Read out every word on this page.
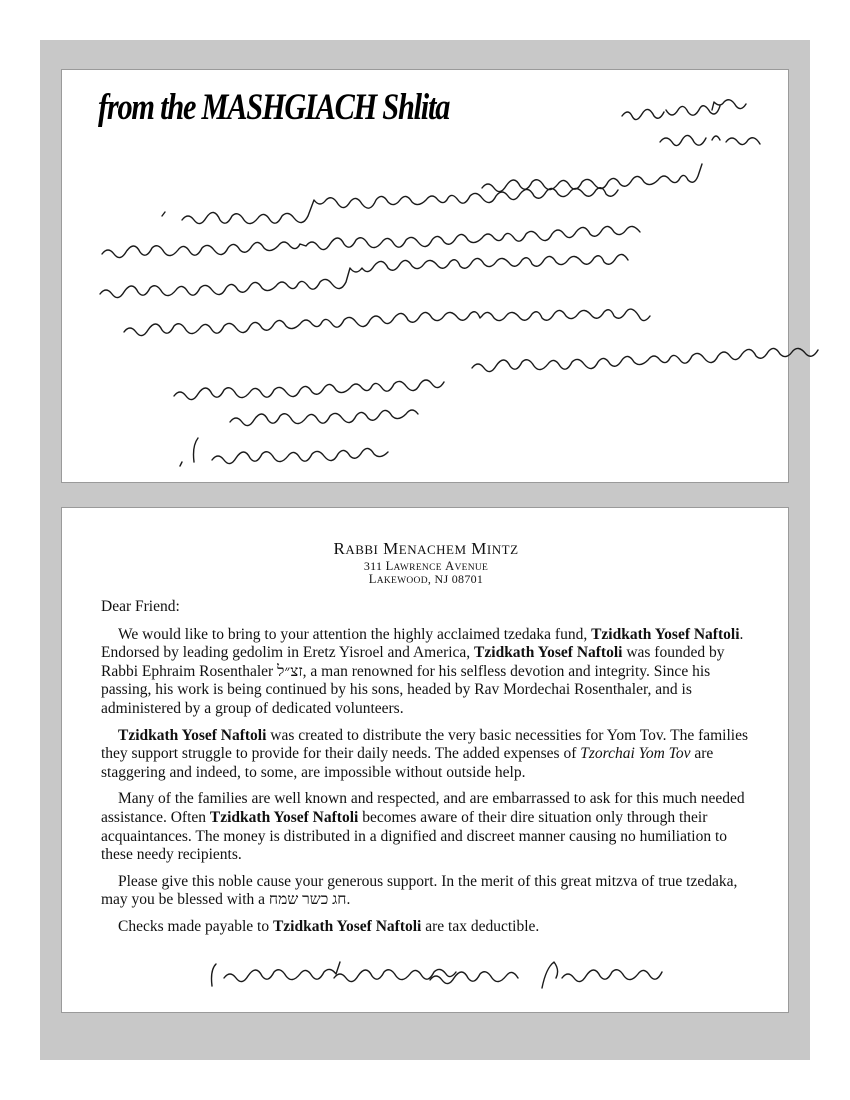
from the MASHGIACH Shlita
RABBI MENACHEM MINTZ
311 LAWRENCE AVENUE
LAKEWOOD, NJ 08701

Dear Friend:

We would like to bring to your attention the highly acclaimed tzedaka fund, Tzidkath Yosef Naftoli. Endorsed by leading gedolim in Eretz Yisroel and America, Tzidkath Yosef Naftoli was founded by Rabbi Ephraim Rosenthaler זצ״ל, a man renowned for his selfless devotion and integrity. Since his passing, his work is being continued by his sons, headed by Rav Mordechai Rosenthaler, and is administered by a group of dedicated volunteers.

Tzidkath Yosef Naftoli was created to distribute the very basic necessities for Yom Tov. The families they support struggle to provide for their daily needs. The added expenses of Tzorchai Yom Tov are staggering and indeed, to some, are impossible without outside help.

Many of the families are well known and respected, and are embarrassed to ask for this much needed assistance. Often Tzidkath Yosef Naftoli becomes aware of their dire situation only through their acquaintances. The money is distributed in a dignified and discreet manner causing no humiliation to these needy recipients.

Please give this noble cause your generous support. In the merit of this great mitzva of true tzedaka, may you be blessed with a חג כשר שמח.

Checks made payable to Tzidkath Yosef Naftoli are tax deductible.
